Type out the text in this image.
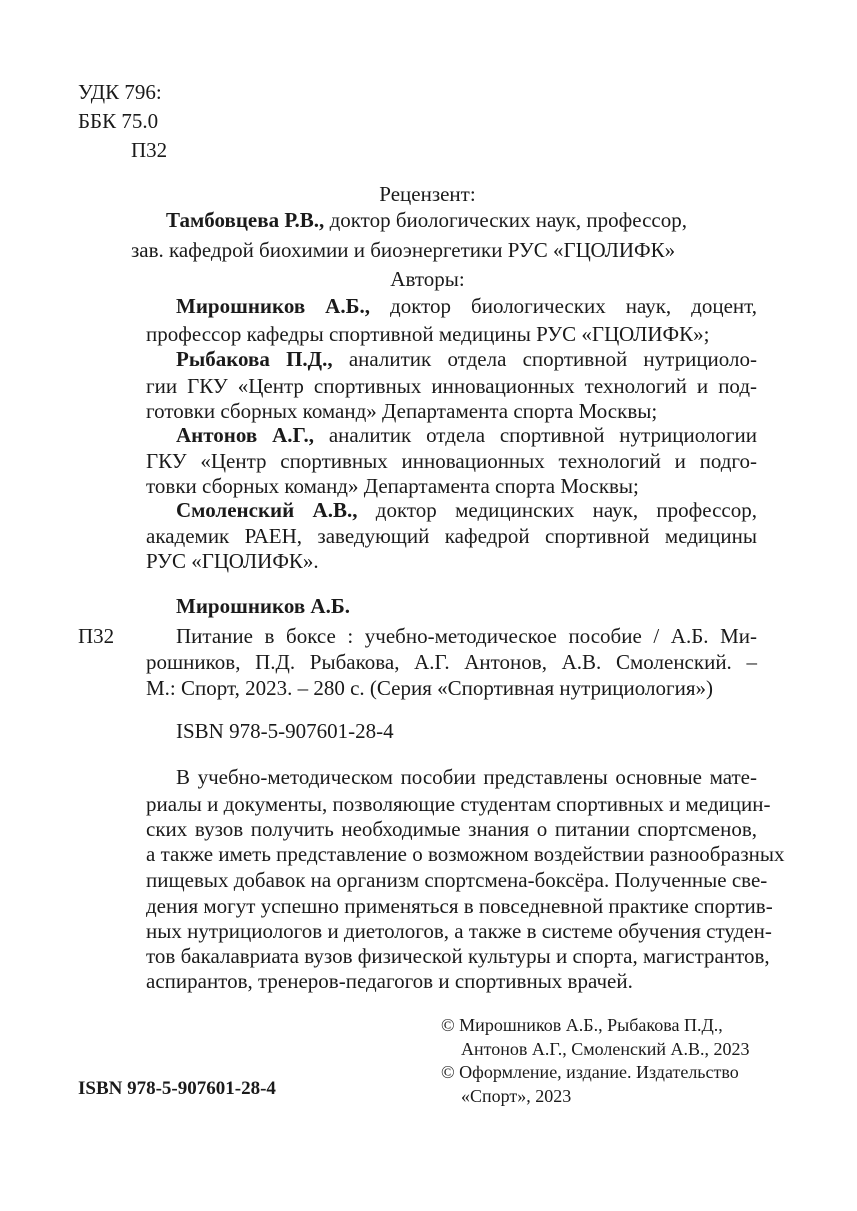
УДК 796:
ББК 75.0
П32
Рецензент:
Тамбовцева Р.В., доктор биологических наук, профессор,
зав. кафедрой биохимии и биоэнергетики РУС «ГЦОЛИФК»
Авторы:
Мирошников А.Б., доктор биологических наук, доцент,
профессор кафедры спортивной медицины РУС «ГЦОЛИФК»;
Рыбакова П.Д., аналитик отдела спортивной нутрициоло-
гии ГКУ «Центр спортивных инновационных технологий и под-
готовки сборных команд» Департамента спорта Москвы;
Антонов А.Г., аналитик отдела спортивной нутрициологии
ГКУ «Центр спортивных инновационных технологий и подго-
товки сборных команд» Департамента спорта Москвы;
Смоленский А.В., доктор медицинских наук, профессор,
академик РАЕН, заведующий кафедрой спортивной медицины
РУС «ГЦОЛИФК».
Мирошников А.Б.
П32	Питание в боксе : учебно-методическое пособие / А.Б. Ми-
рошников, П.Д. Рыбакова, А.Г. Антонов, А.В. Смоленский. –
М.: Спорт, 2023. – 280 с. (Серия «Спортивная нутрициология»)
ISBN 978-5-907601-28-4
В учебно-методическом пособии представлены основные мате-
риалы и документы, позволяющие студентам спортивных и медицин-
ских вузов получить необходимые знания о питании спортсменов,
а также иметь представление о возможном воздействии разнообразных
пищевых добавок на организм спортсмена-боксёра. Полученные све-
дения могут успешно применяться в повседневной практике спортив-
ных нутрициологов и диетологов, а также в системе обучения студен-
тов бакалавриата вузов физической культуры и спорта, магистрантов,
аспирантов, тренеров-педагогов и спортивных врачей.
ISBN 978-5-907601-28-4
© Мирошников А.Б., Рыбакова П.Д.,
Антонов А.Г., Смоленский А.В., 2023
© Оформление, издание. Издательство
«Спорт», 2023
